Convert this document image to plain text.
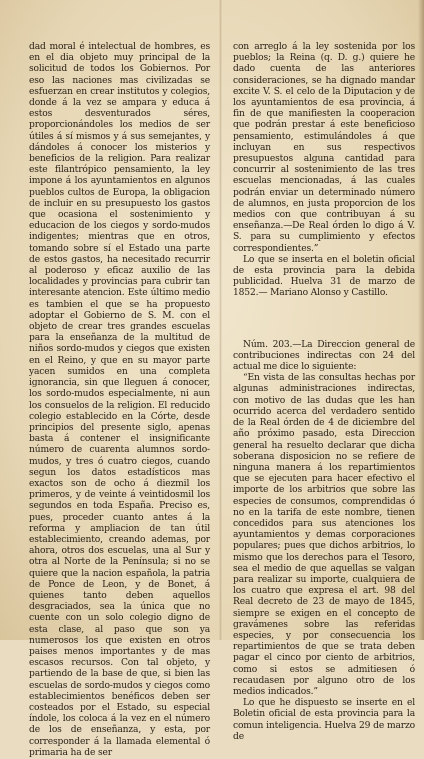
dad moral é intelectual de hombres, es en el dia objeto muy principal de la solicitud de todos los Gobiernos. Por eso las naciones mas civilizadas se esfuerzan en crear institutos y colegios, donde á la vez se ampara y educa á estos desventurados séres, proporcionándoles los medios de ser útiles á sí mismos y á sus semejantes, y dándoles á conocer los misterios y beneficios de la religion. Para realizar este filantrópico pensamiento, la ley impone á los ayuntamientos en algunos pueblos cultos de Europa, la obligacion de incluir en su presupuesto los gastos que ocasiona el sostenimiento y educacion de los ciegos y sordo-mudos indigentes; mientras que en otros, tomando sobre sí el Estado una parte de estos gastos, ha necesitado recurrir al poderoso y eficaz auxilio de las localidades y provincias para cubrir tan interesante atencion. Este último medio es tambien el que se ha propuesto adoptar el Gobierno de S. M. con el objeto de crear tres grandes escuelas para la enseñanza de la multitud de niños sordo-mudos y ciegos que existen en el Reino, y que en su mayor parte yacen sumidos en una completa ignorancia, sin que lleguen á conocer, los sordo-mudos especialmente, ni aun los consuelos de la religion. El reducido colegio establecido en la Córte, desde principios del presente siglo, apenas basta á contener el insignificante número de cuarenta alumnos sordo-mudos, y tres ó cuatro ciegos, cuando segun los datos estadísticos mas exactos son de ocho á diezmil los primeros, y de veinte á veintidosmil los segundos en toda España. Preciso es, pues, proceder cuanto antes á la reforma y ampliacion de tan útil establecimiento, creando ademas, por ahora, otros dos escuelas, una al Sur y otra al Norte de la Península; si no se quiere que la nacion española, la patria de Ponce de Leon, y de Bonet, á quienes tanto deben aquellos desgraciados, sea la única que no cuente con un solo colegio digno de esta clase, al paso que son ya numerosos los que existen en otros paises menos importantes y de mas escasos recursos. Con tal objeto, y partiendo de la base de que, si bien las escuelas de sordo-mudos y ciegos como establecimientos benéficos deben ser costeados por el Estado, su especial índole, los coloca á la vez en el número de los de enseñanza, y esta, por corresponder á la llamada elemental ó primaria ha de ser

con arreglo á la ley sostenida por los pueblos; la Reina (q. D. g.) quiere he dado cuenta de las anteriores consideraciones, se ha dignado mandar excite V. S. el celo de la Diputacion y de los ayuntamientos de esa provincia, á fin de que manifiesten la cooperacion que podrán prestar á este beneficioso pensamiento, estimulándoles á que incluyan en sus respectivos presupuestos alguna cantidad para concurrir al sostenimiento de las tres escuelas mencionadas, á las cuales podrán enviar un determinado número de alumnos, en justa proporcion de los medios con que contribuyan á su enseñanza.—De Real órden lo digo á V. S. para su cumplimiento y efectos correspondientes.”

Lo que se inserta en el boletin oficial de esta provincia para la debida publicidad. Huelva 31 de marzo de 1852.— Mariano Alonso y Castillo.

Núm. 203.—La Direccion general de contribuciones indirectas con 24 del actual me dice lo siguiente:

“En vista de las consultas hechas por algunas administraciones indirectas, con motivo de las dudas que les han ocurrido acerca del verdadero sentido de la Real órden de 4 de diciembre del año próximo pasado, esta Direccion general ha resuelto declarar que dicha soberana disposicion no se refiere de ninguna manera á los repartimientos que se ejecuten para hacer efectivo el importe de los arbitrios que sobre las especies de consumos, comprendidas ó no en la tarifa de este nombre, tienen concedidos para sus atenciones los ayuntamientos y demas corporaciones populares; pues que dichos arbitrios, lo mismo que los derechos para el Tesoro, sea el medio de que aquellas se valgan para realizar su importe, cualquiera de los cuatro que expresa el art. 98 del Real decreto de 23 de mayo de 1845, siempre se exigen en el concepto de gravámenes sobre las referidas especies, y por consecuencia los repartimientos de que se trata deben pagar el cinco por ciento de arbitrios, como si estos se admitiesen ó recaudasen por alguno otro de los medios indicados.”

Lo que he dispuesto se inserte en el Boletin oficial de esta provincia para la comun inteligencia. Huelva 29 de marzo de
